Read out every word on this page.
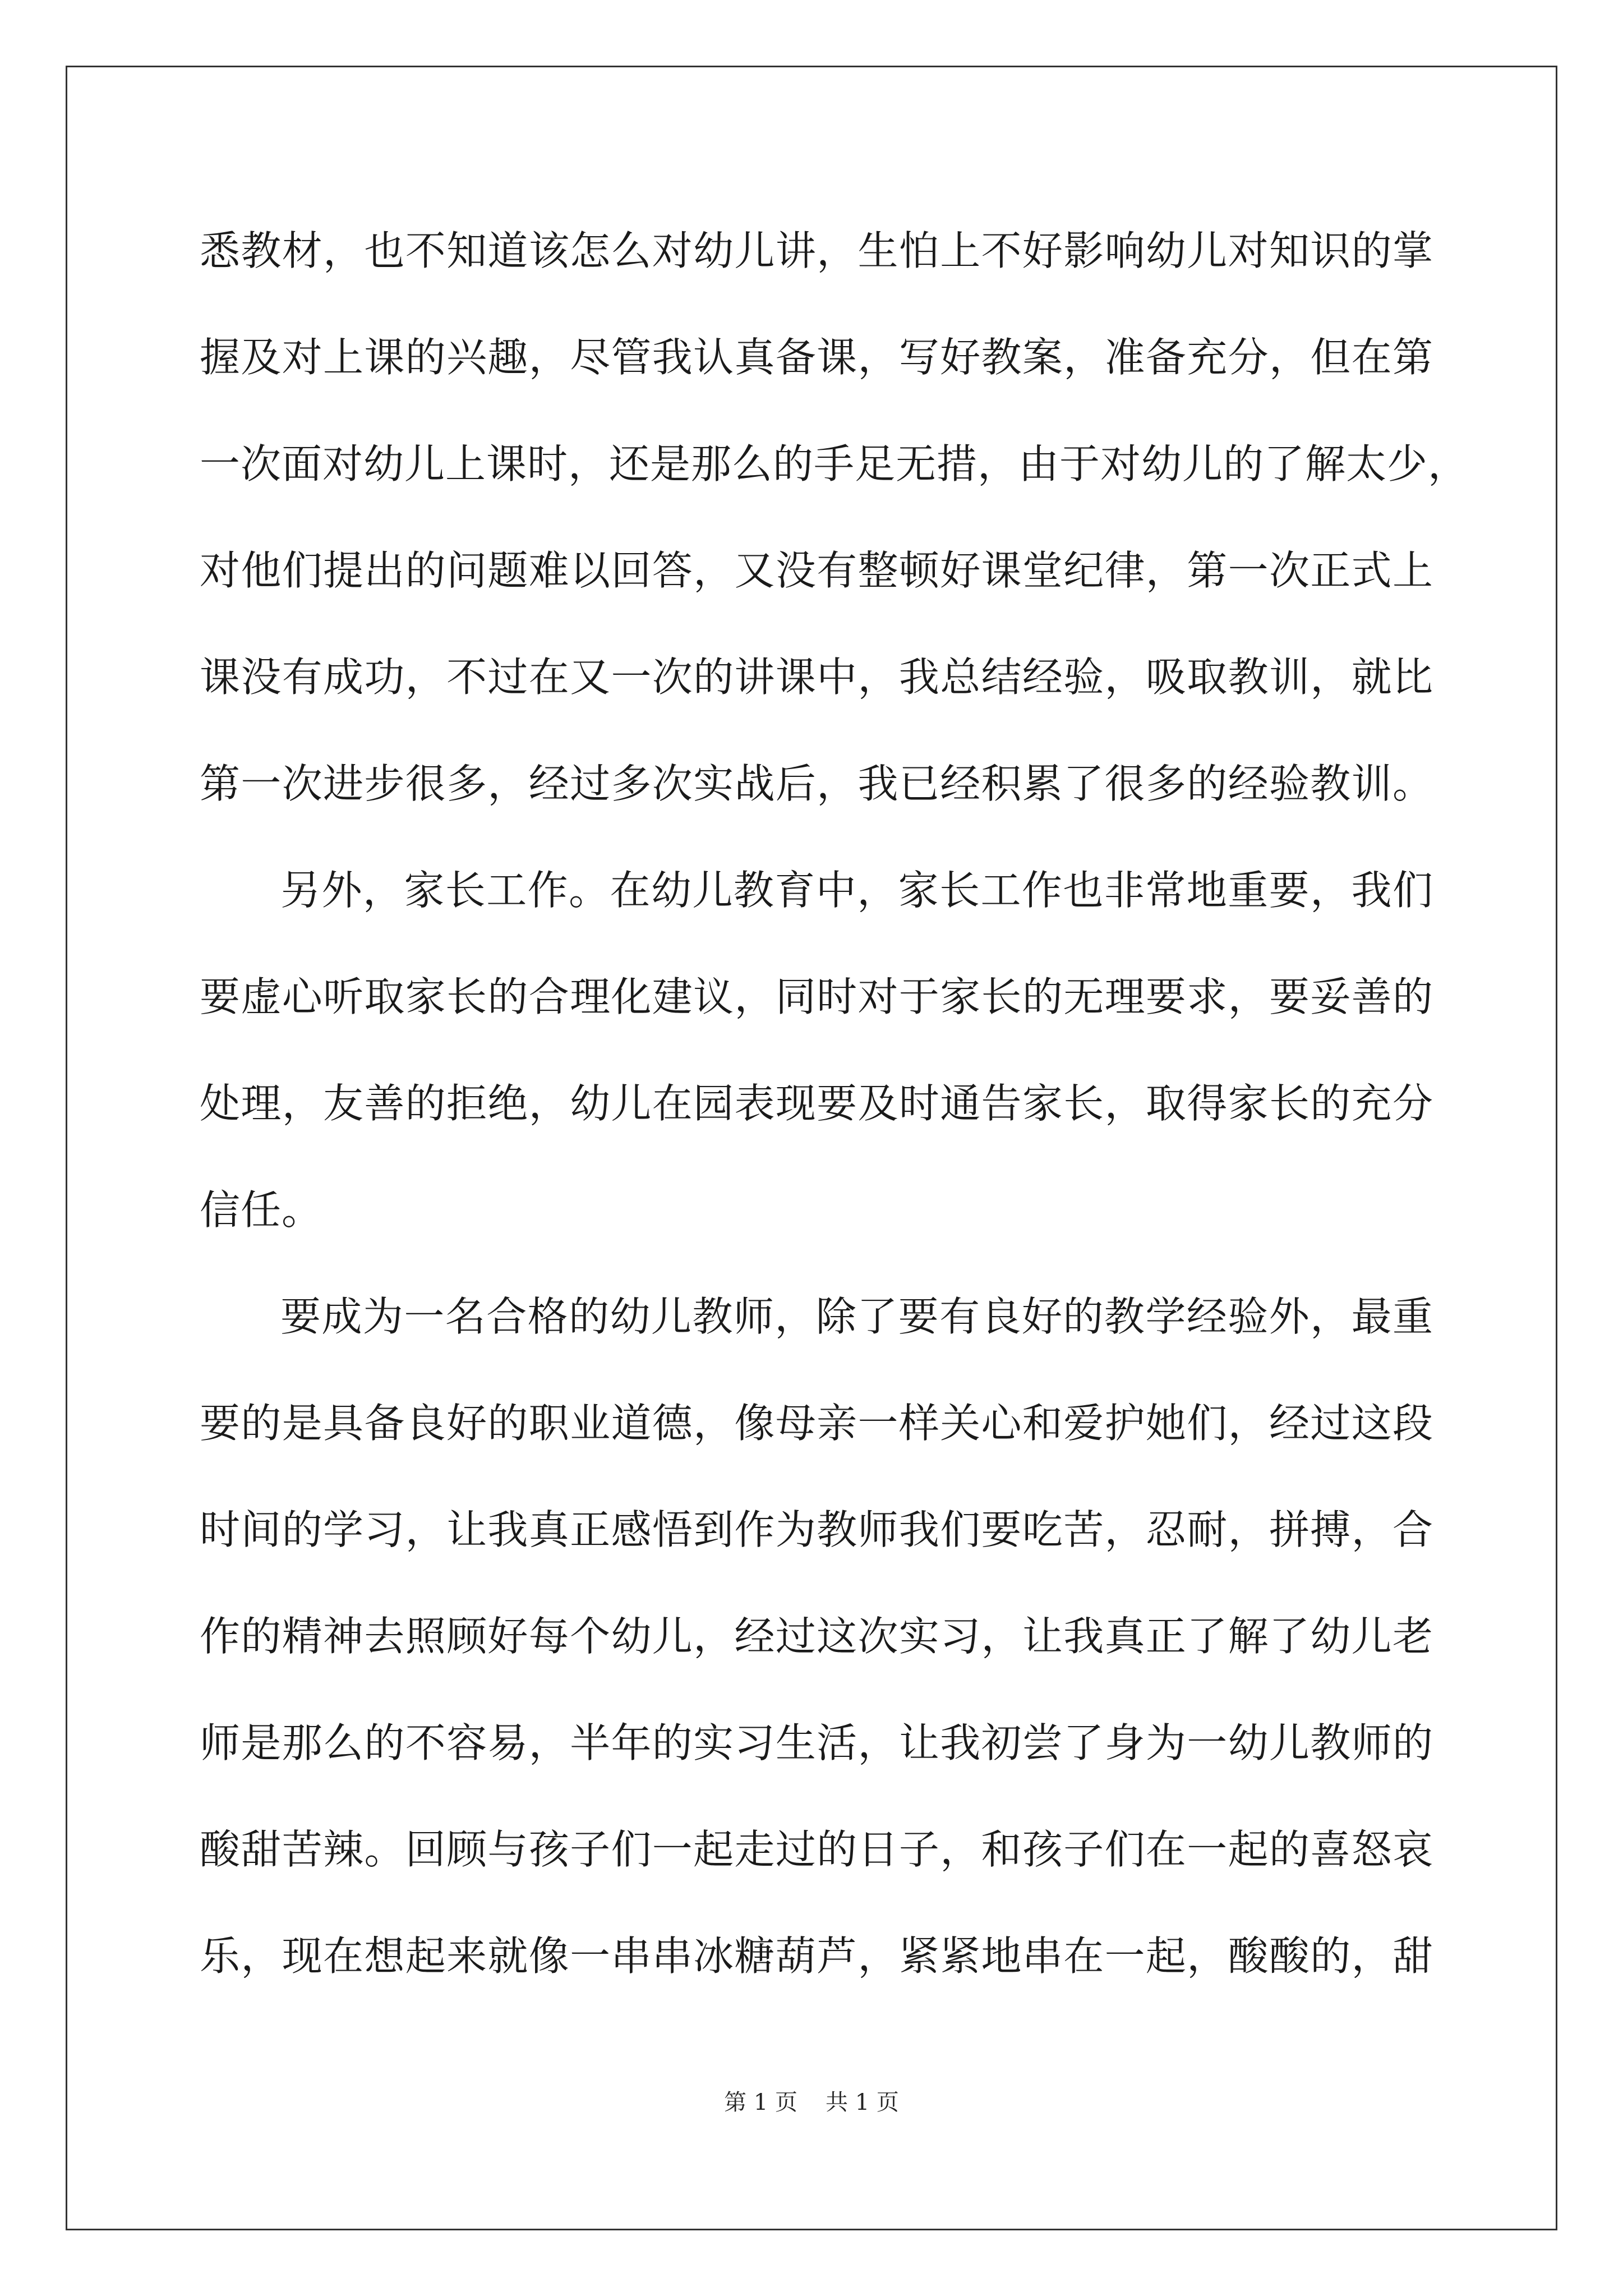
悉教材，也不知道该怎么对幼儿讲，生怕上不好影响幼儿对知识的掌
握及对上课的兴趣，尽管我认真备课，写好教案，准备充分，但在第
一次面对幼儿上课时，还是那么的手足无措，由于对幼儿的了解太少，
对他们提出的问题难以回答，又没有整顿好课堂纪律，第一次正式上
课没有成功，不过在又一次的讲课中，我总结经验，吸取教训，就比
第一次进步很多，经过多次实战后，我已经积累了很多的经验教训。
另外，家长工作。在幼儿教育中，家长工作也非常地重要，我们
要虚心听取家长的合理化建议，同时对于家长的无理要求，要妥善的
处理，友善的拒绝，幼儿在园表现要及时通告家长，取得家长的充分
信任。
要成为一名合格的幼儿教师，除了要有良好的教学经验外，最重
要的是具备良好的职业道德，像母亲一样关心和爱护她们，经过这段
时间的学习，让我真正感悟到作为教师我们要吃苦，忍耐，拼搏，合
作的精神去照顾好每个幼儿，经过这次实习，让我真正了解了幼儿老
师是那么的不容易，半年的实习生活，让我初尝了身为一幼儿教师的
酸甜苦辣。回顾与孩子们一起走过的日子，和孩子们在一起的喜怒哀
乐，现在想起来就像一串串冰糖葫芦，紧紧地串在一起，酸酸的，甜
第 1 页 共 1 页
